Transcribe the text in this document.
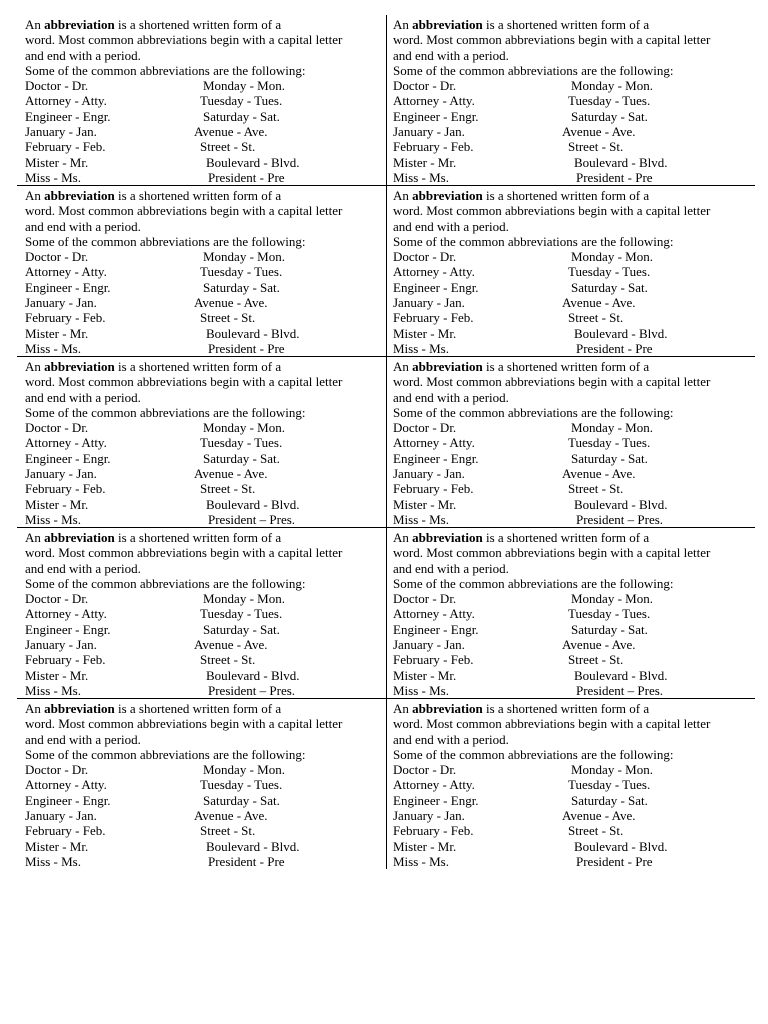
An abbreviation is a shortened written form of a

word. Most common abbreviations begin with a capital letter

and end with a period.

Some of the common abbreviations are the following:

Doctor - Dr.	Monday - Mon.
Attorney - Atty.	Tuesday - Tues.
Engineer - Engr.	Saturday - Sat.
January - Jan.	Avenue - Ave.
February - Feb.	Street - St.
Mister - Mr.	Boulevard - Blvd.
Miss - Ms.	President - Pre

An abbreviation is a shortened written form of a

word. Most common abbreviations begin with a capital letter

and end with a period.

Some of the common abbreviations are the following:

Doctor - Dr.	Monday - Mon.
Attorney - Atty.	Tuesday - Tues.
Engineer - Engr.	Saturday - Sat.
January - Jan.	Avenue - Ave.
February - Feb.	Street - St.
Mister - Mr.	Boulevard - Blvd.
Miss - Ms.	President - Pre

An abbreviation is a shortened written form of a

word. Most common abbreviations begin with a capital letter

and end with a period.

Some of the common abbreviations are the following:

Doctor - Dr.	Monday - Mon.
Attorney - Atty.	Tuesday - Tues.
Engineer - Engr.	Saturday - Sat.
January - Jan.	Avenue - Ave.
February - Feb.	Street - St.
Mister - Mr.	Boulevard - Blvd.
Miss - Ms.	President - Pre

An abbreviation is a shortened written form of a

word. Most common abbreviations begin with a capital letter

and end with a period.

Some of the common abbreviations are the following:

Doctor - Dr.	Monday - Mon.
Attorney - Atty.	Tuesday - Tues.
Engineer - Engr.	Saturday - Sat.
January - Jan.	Avenue - Ave.
February - Feb.	Street - St.
Mister - Mr.	Boulevard - Blvd.
Miss - Ms.	President - Pre

An abbreviation is a shortened written form of a

word. Most common abbreviations begin with a capital letter

and end with a period.

Some of the common abbreviations are the following:

Doctor - Dr.	Monday - Mon.
Attorney - Atty.	Tuesday - Tues.
Engineer - Engr.	Saturday - Sat.
January - Jan.	Avenue - Ave.
February - Feb.	Street - St.
Mister - Mr.	Boulevard - Blvd.
Miss - Ms.	President – Pres.

An abbreviation is a shortened written form of a

word. Most common abbreviations begin with a capital letter

and end with a period.

Some of the common abbreviations are the following:

Doctor - Dr.	Monday - Mon.
Attorney - Atty.	Tuesday - Tues.
Engineer - Engr.	Saturday - Sat.
January - Jan.	Avenue - Ave.
February - Feb.	Street - St.
Mister - Mr.	Boulevard - Blvd.
Miss - Ms.	President – Pres.

An abbreviation is a shortened written form of a

word. Most common abbreviations begin with a capital letter

and end with a period.

Some of the common abbreviations are the following:

Doctor - Dr.	Monday - Mon.
Attorney - Atty.	Tuesday - Tues.
Engineer - Engr.	Saturday - Sat.
January - Jan.	Avenue - Ave.
February - Feb.	Street - St.
Mister - Mr.	Boulevard - Blvd.
Miss - Ms.	President – Pres.

An abbreviation is a shortened written form of a

word. Most common abbreviations begin with a capital letter

and end with a period.

Some of the common abbreviations are the following:

Doctor - Dr.	Monday - Mon.
Attorney - Atty.	Tuesday - Tues.
Engineer - Engr.	Saturday - Sat.
January - Jan.	Avenue - Ave.
February - Feb.	Street - St.
Mister - Mr.	Boulevard - Blvd.
Miss - Ms.	President – Pres.

An abbreviation is a shortened written form of a

word. Most common abbreviations begin with a capital letter

and end with a period.

Some of the common abbreviations are the following:

Doctor - Dr.	Monday - Mon.
Attorney - Atty.	Tuesday - Tues.
Engineer - Engr.	Saturday - Sat.
January - Jan.	Avenue - Ave.
February - Feb.	Street - St.
Mister - Mr.	Boulevard - Blvd.
Miss - Ms.	President - Pre

An abbreviation is a shortened written form of a

word. Most common abbreviations begin with a capital letter

and end with a period.

Some of the common abbreviations are the following:

Doctor - Dr.	Monday - Mon.
Attorney - Atty.	Tuesday - Tues.
Engineer - Engr.	Saturday - Sat.
January - Jan.	Avenue - Ave.
February - Feb.	Street - St.
Mister - Mr.	Boulevard - Blvd.
Miss - Ms.	President - Pre
